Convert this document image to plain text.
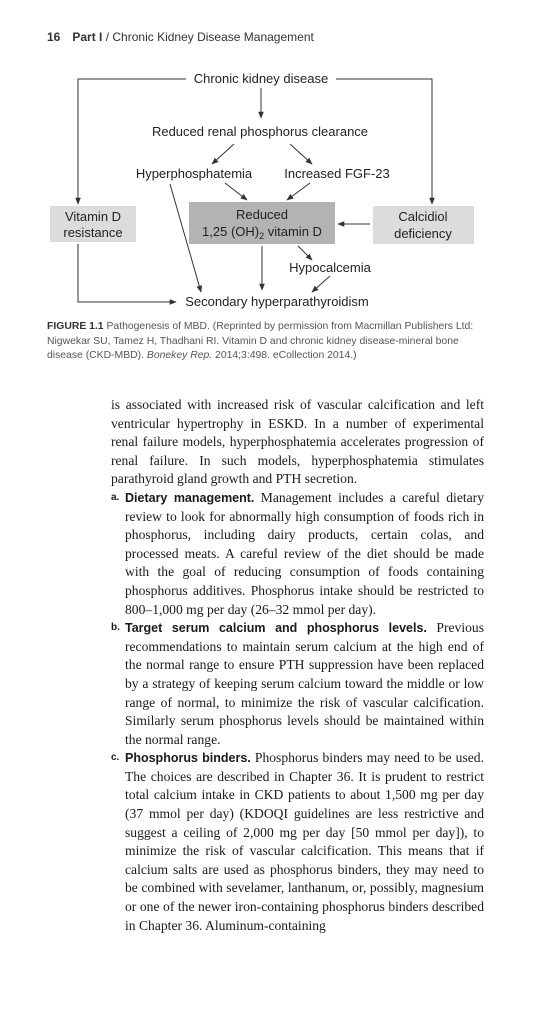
16 Part I / Chronic Kidney Disease Management
Chronic kidney disease
Reduced renal phosphorus clearance
Hyperphosphatemia Increased FGF-23
Vitamin D
resistance
Reduced
1,25 $(OH)_2$ vitamin D
Calcidiol
deficiency
Hypocalcemia
Secondary hyperparathyroidism
FIGURE 1.1 Pathogenesis of MBD. (Reprinted by permission from Macmillan Publishers Ltd: Nigwekar SU, Tamez H, Thadhani RI. Vitamin D and chronic kidney disease-mineral bone disease (CKD-MBD). Bonekey Rep. 2014;3:498. eCollection 2014.)

is associated with increased risk of vascular calcification and left ventricular hypertrophy in ESKD. In a number of experimental renal failure models, hyperphosphatemia accelerates progression of renal failure. In such models, hyperphosphatemia stimulates parathyroid gland growth and PTH secretion.

a. Dietary management. Management includes a careful dietary review to look for abnormally high consumption of foods rich in phosphorus, including dairy products, certain colas, and processed meats. A careful review of the diet should be made with the goal of reducing consumption of foods containing phosphorus additives. Phosphorus intake should be restricted to 800–1,000 mg per day (26–32 mmol per day).

b. Target serum calcium and phosphorus levels. Previous recommendations to maintain serum calcium at the high end of the normal range to ensure PTH suppression have been replaced by a strategy of keeping serum calcium toward the middle or low range of normal, to minimize the risk of vascular calcification. Similarly serum phosphorus levels should be maintained within the normal range.

c. Phosphorus binders. Phosphorus binders may need to be used. The choices are described in Chapter 36. It is prudent to restrict total calcium intake in CKD patients to about 1,500 mg per day (37 mmol per day) (KDOQI guidelines are less restrictive and suggest a ceiling of 2,000 mg per day [50 mmol per day]), to minimize the risk of vascular calcification. This means that if calcium salts are used as phosphorus binders, they may need to be combined with sevelamer, lanthanum, or, possibly, magnesium or one of the newer iron-containing phosphorus binders described in Chapter 36. Aluminum-containing
